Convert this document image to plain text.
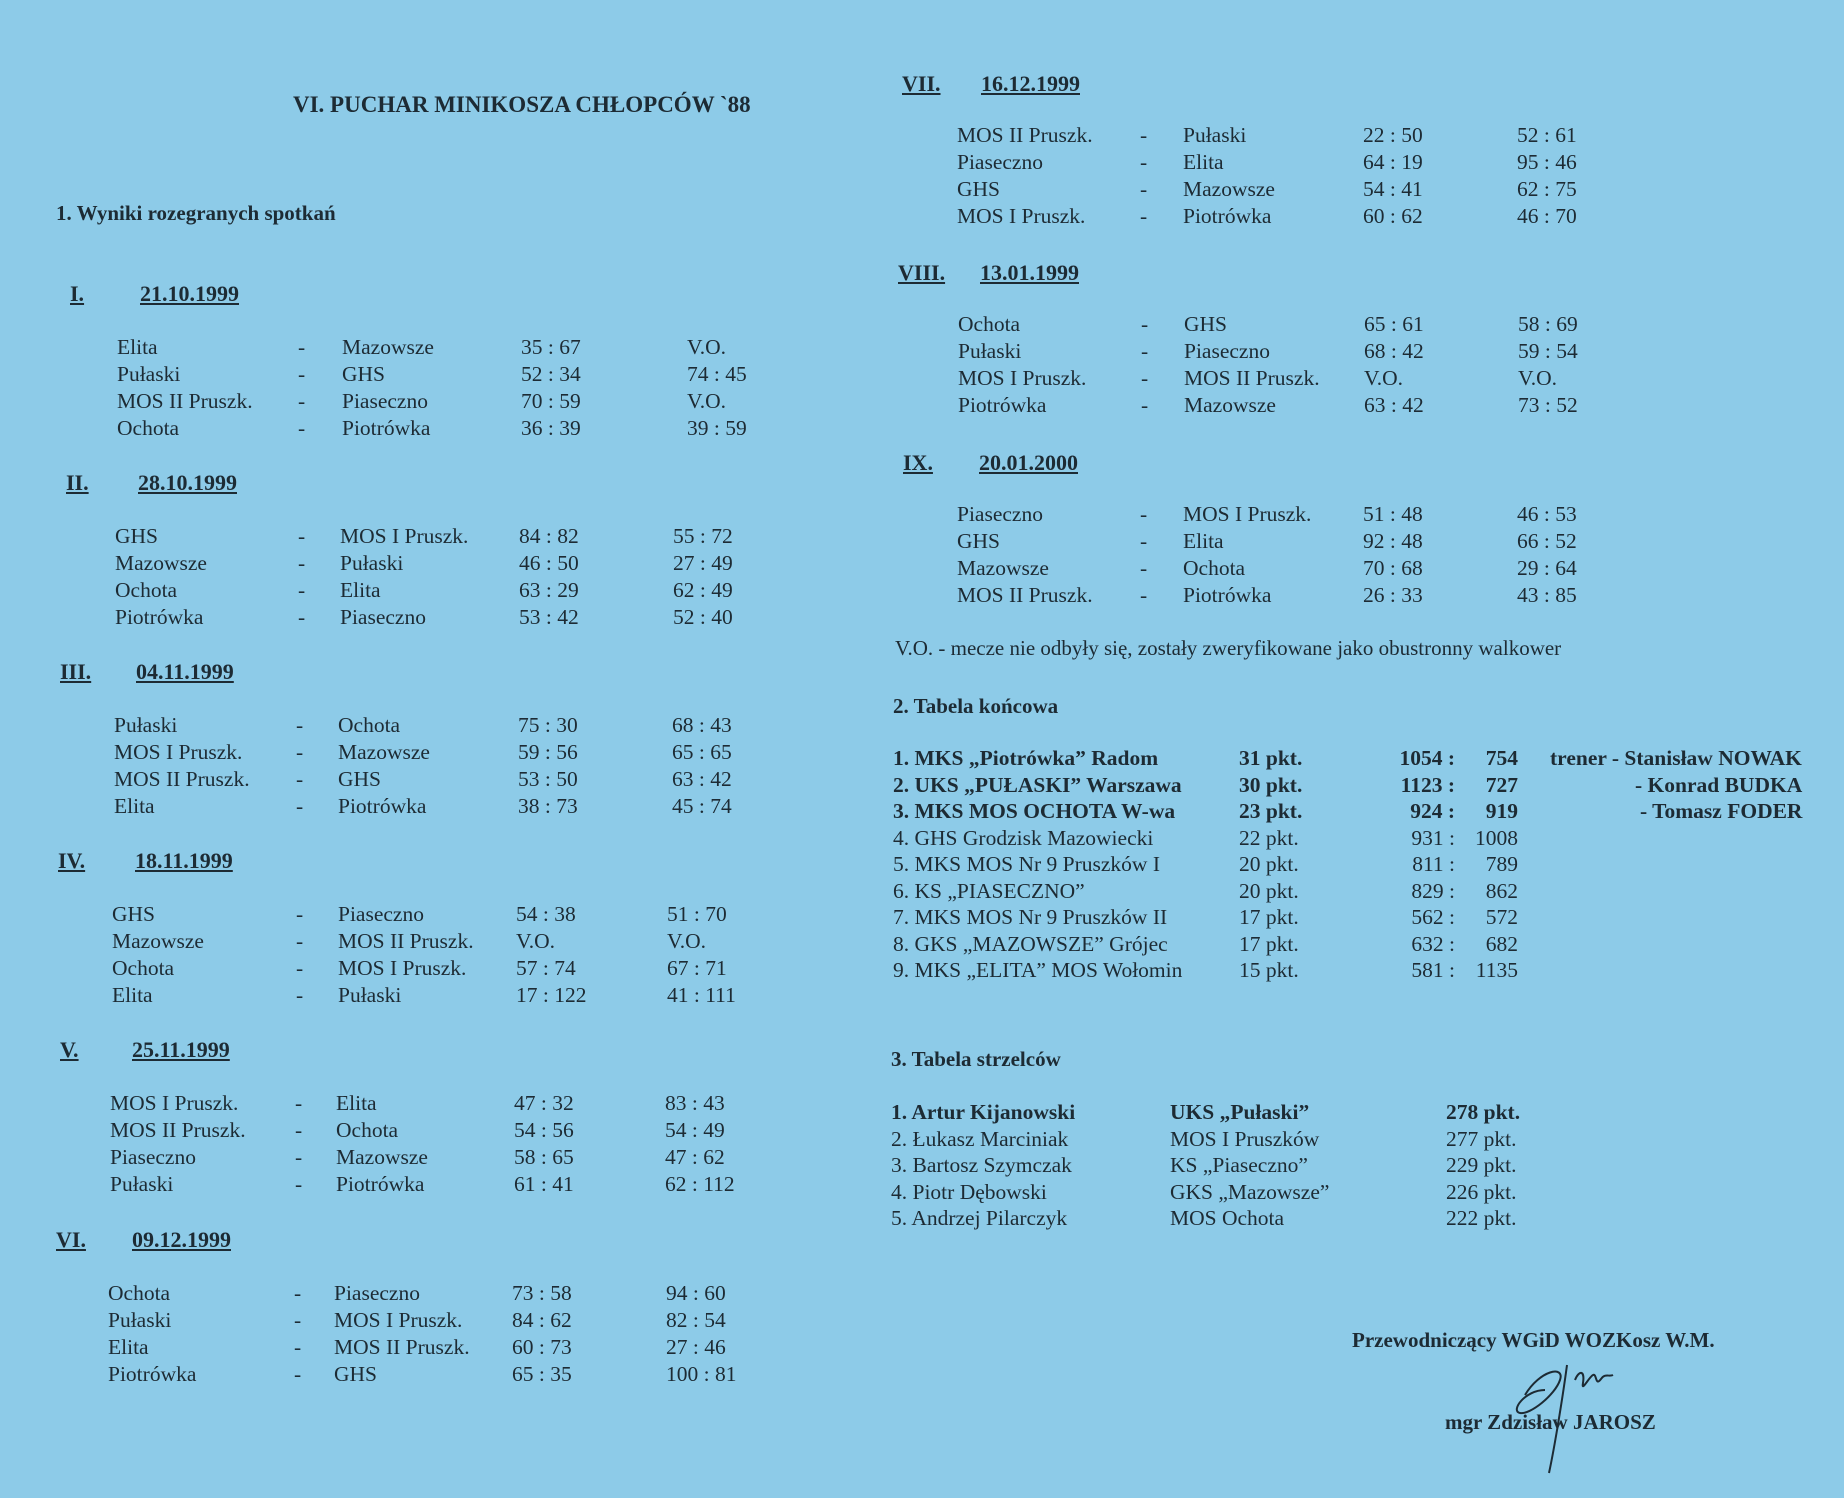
VI. PUCHAR MINIKOSZA CHŁOPCÓW `88
1. Wyniki rozegranych spotkań
I.	21.10.1999
Elita	- Mazowsze	35 : 67	V.O.
Pułaski	- GHS	52 : 34	74 : 45
MOS II Pruszk. - Piaseczno	70 : 59	V.O.
Ochota	- Piotrówka	36 : 39	39 : 59
II. 28.10.1999
GHS	- MOS I Pruszk. 84 : 82	55 : 72
Mazowsze	- Pułaski	46 : 50	27 : 49
Ochota	- Elita	63 : 29	62 : 49
Piotrówka	- Piaseczno	53 : 42	52 : 40
III. 04.11.1999
Pułaski	- Ochota	75 : 30	68 : 43
MOS I Pruszk. - Mazowsze	59 : 56	65 : 65
MOS II Pruszk. - GHS	53 : 50	63 : 42
Elita	- Piotrówka	38 : 73	45 : 74
IV. 18.11.1999
GHS	- Piaseczno	54 : 38	51 : 70
Mazowsze	- MOS II Pruszk. V.O.	V.O.
Ochota	- MOS I Pruszk. 57 : 74	67 : 71
Elita	- Pułaski	17 : 122	41 : 111
V. 25.11.1999
MOS I Pruszk.	- Elita	47 : 32	83 : 43
MOS II Pruszk. - Ochota	54 : 56	54 : 49
Piaseczno	- Mazowsze	58 : 65	47 : 62
Pułaski	- Piotrówka	61 : 41	62 : 112
VI. 09.12.1999
Ochota	- Piaseczno	73 : 58	94 : 60
Pułaski	- MOS I Pruszk. 84 : 62	82 : 54
Elita	- MOS II Pruszk. 60 : 73	27 : 46
Piotrówka	- GHS	65 : 35	100 : 81
VII. 16.12.1999
MOS II Pruszk. - Pułaski	22 : 50	52 : 61
Piaseczno	- Elita	64 : 19	95 : 46
GHS	- Mazowsze	54 : 41	62 : 75
MOS I Pruszk.	- Piotrówka	60 : 62	46 : 70
VIII. 13.01.1999
Ochota	- GHS	65 : 61	58 : 69
Pułaski	- Piaseczno	68 : 42	59 : 54
MOS I Pruszk.	- MOS II Pruszk. V.O.	V.O.
Piotrówka	- Mazowsze	63 : 42	73 : 52
IX. 20.01.2000
Piaseczno	- MOS I Pruszk. 51 : 48	46 : 53
GHS	- Elita	92 : 48	66 : 52
Mazowsze	- Ochota	70 : 68	29 : 64
MOS II Pruszk. - Piotrówka	26 : 33	43 : 85
V.O. - mecze nie odbyły się, zostały zweryfikowane jako obustronny walkower
2. Tabela końcowa
1. MKS „Piotrówka” Radom	31 pkt.	1054 :	754 trener - Stanisław NOWAK
2. UKS „PUŁASKI” Warszawa	30 pkt.	1123 :	727	- Konrad BUDKA
3. MKS MOS OCHOTA W-wa	23 pkt.	924 :	919	- Tomasz FODER
4. GHS Grodzisk Mazowiecki	22 pkt.	931 : 1008
5. MKS MOS Nr 9 Pruszków I	20 pkt.	811 :	789
6. KS „PIASECZNO”	20 pkt.	829 :	862
7. MKS MOS Nr 9 Pruszków II	17 pkt.	562 :	572
8. GKS „MAZOWSZE” Grójec	17 pkt.	632 :	682
9. MKS „ELITA” MOS Wołomin	15 pkt.	581 : 1135
3. Tabela strzelców
1. Artur Kijanowski	UKS „Pułaski”	278 pkt.
2. Łukasz Marciniak	MOS I Pruszków	277 pkt.
3. Bartosz Szymczak	KS „Piaseczno”	229 pkt.
4. Piotr Dębowski	GKS „Mazowsze”	226 pkt.
5. Andrzej Pilarczyk	MOS Ochota	222 pkt.
Przewodniczący WGiD WOZKosz W.M.
mgr Zdzisław JAROSZ
